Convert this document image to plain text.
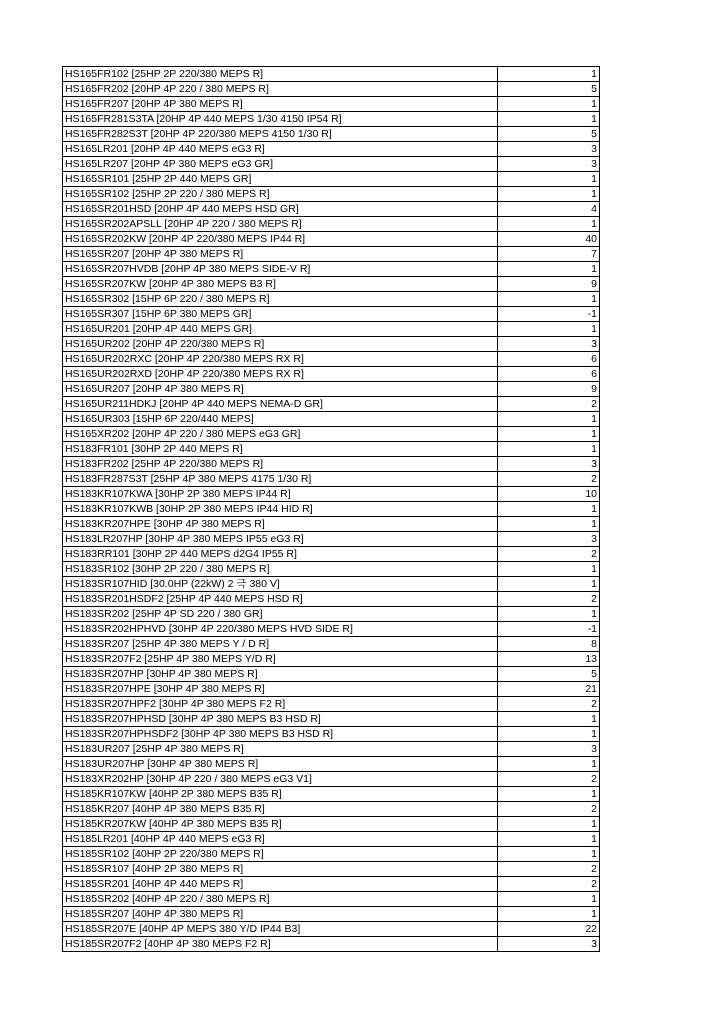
HS165FR102 [25HP 2P 220/380 MEPS R]	1
HS165FR202 [20HP 4P 220 / 380 MEPS R]	5
HS165FR207 [20HP 4P 380 MEPS R]	1
HS165FR281S3TA [20HP 4P 440 MEPS 1/30 4150 IP54 R]	1
HS165FR282S3T [20HP 4P 220/380 MEPS 4150 1/30 R]	5
HS165LR201 [20HP 4P 440 MEPS eG3 R]	3
HS165LR207 [20HP 4P 380 MEPS eG3 GR]	3
HS165SR101 [25HP 2P 440 MEPS GR]	1
HS165SR102 [25HP 2P 220 / 380 MEPS R]	1
HS165SR201HSD [20HP 4P 440 MEPS HSD GR]	4
HS165SR202APSLL [20HP 4P 220 / 380 MEPS R]	1
HS165SR202KW [20HP 4P 220/380 MEPS IP44 R]	40
HS165SR207 [20HP 4P 380 MEPS R]	7
HS165SR207HVDB [20HP 4P 380 MEPS SIDE-V R]	1
HS165SR207KW [20HP 4P 380 MEPS B3 R]	9
HS165SR302 [15HP 6P 220 / 380 MEPS R]	1
HS165SR307 [15HP 6P 380 MEPS GR]	-1
HS165UR201 [20HP 4P 440 MEPS GR]	1
HS165UR202 [20HP 4P 220/380 MEPS R]	3
HS165UR202RXC [20HP 4P 220/380 MEPS RX R]	6
HS165UR202RXD [20HP 4P 220/380 MEPS RX R]	6
HS165UR207 [20HP 4P 380 MEPS R]	9
HS165UR211HDKJ [20HP 4P 440 MEPS NEMA-D GR]	2
HS165UR303 [15HP 6P 220/440 MEPS]	1
HS165XR202 [20HP 4P 220 / 380 MEPS eG3 GR]	1
HS183FR101 [30HP 2P 440 MEPS R]	1
HS183FR202 [25HP 4P 220/380 MEPS R]	3
HS183FR287S3T [25HP 4P 380 MEPS 4175 1/30 R]	2
HS183KR107KWA [30HP 2P 380 MEPS IP44 R]	10
HS183KR107KWB [30HP 2P 380 MEPS IP44 HID R]	1
HS183KR207HPE [30HP 4P 380 MEPS R]	1
HS183LR207HP [30HP 4P 380 MEPS IP55 eG3 R]	3
HS183RR101 [30HP 2P 440 MEPS d2G4 IP55 R]	2
HS183SR102 [30HP 2P 220 / 380 MEPS R]	1
HS183SR107HID [30.0HP (22kW) 2 극 380 V]	1
HS183SR201HSDF2 [25HP 4P 440 MEPS HSD R]	2
HS183SR202 [25HP 4P SD 220 / 380 GR]	1
HS183SR202HPHVD [30HP 4P 220/380 MEPS HVD SIDE R]	-1
HS183SR207 [25HP 4P 380 MEPS Y / D R]	8
HS183SR207F2 [25HP 4P 380 MEPS Y/D R]	13
HS183SR207HP [30HP 4P 380 MEPS R]	5
HS183SR207HPE [30HP 4P 380 MEPS R]	21
HS183SR207HPF2 [30HP 4P 380 MEPS F2 R]	2
HS183SR207HPHSD [30HP 4P 380 MEPS B3 HSD R]	1
HS183SR207HPHSDF2 [30HP 4P 380 MEPS B3 HSD R]	1
HS183UR207 [25HP 4P 380 MEPS R]	3
HS183UR207HP [30HP 4P 380 MEPS R]	1
HS183XR202HP [30HP 4P 220 / 380 MEPS eG3 V1]	2
HS185KR107KW [40HP 2P 380 MEPS B35 R]	1
HS185KR207 [40HP 4P 380 MEPS B35 R]	2
HS185KR207KW [40HP 4P 380 MEPS B35 R]	1
HS185LR201 [40HP 4P 440 MEPS eG3 R]	1
HS185SR102 [40HP 2P 220/380 MEPS R]	1
HS185SR107 [40HP 2P 380 MEPS R]	2
HS185SR201 [40HP 4P 440 MEPS R]	2
HS185SR202 [40HP 4P 220 / 380 MEPS R]	1
HS185SR207 [40HP 4P 380 MEPS R]	1
HS185SR207E [40HP 4P MEPS 380 Y/D IP44 B3]	22
HS185SR207F2 [40HP 4P 380 MEPS F2 R]	3
